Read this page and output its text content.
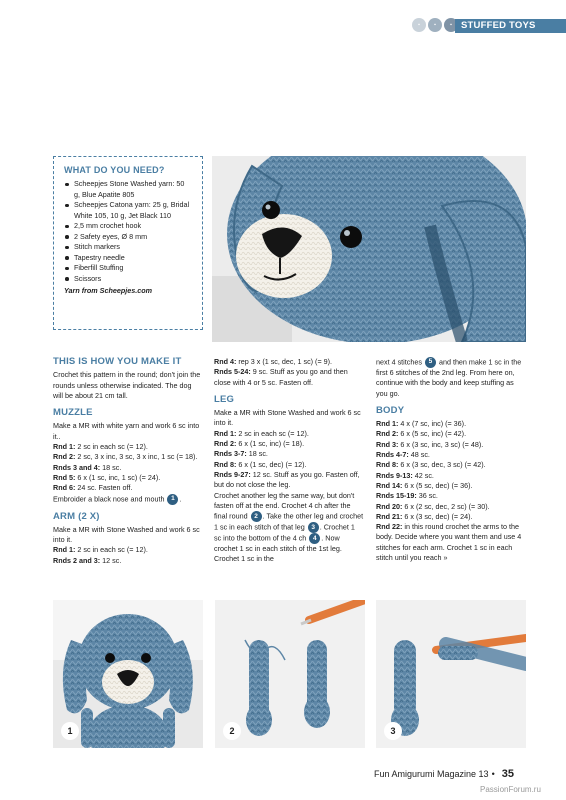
▪	▪	▪ STUFFED TOYS
WHAT DO YOU NEED?
Scheepjes Stone Washed yarn: 50 g, Blue Apatite 805
Scheepjes Catona yarn: 25 g, Bridal White 105, 10 g, Jet Black 110
2,5 mm crochet hook
2 Safety eyes, Ø 8 mm
Stitch markers
Tapestry needle
Fiberfill Stuffing
Scissors
Yarn from Scheepjes.com
THIS IS HOW YOU MAKE IT

Crochet this pattern in the round; don't join the rounds unless otherwise indicated. The dog will be about 21 cm tall.

MUZZLE

Make a MR with white yarn and work 6 sc into it..

Rnd 1: 2 sc in each sc (= 12).

Rnd 2: 2 sc, 3 x inc, 3 sc, 3 x inc, 1 sc (= 18).

Rnds 3 and 4: 18 sc.

Rnd 5: 6 x (1 sc, inc, 1 sc) (= 24).

Rnd 6: 24 sc. Fasten off.

Embroider a black nose and mouth 1 .

ARM (2 X)

Make a MR with Stone Washed and work 6 sc into it.

Rnd 1: 2 sc in each sc (= 12).

Rnds 2 and 3: 12 sc.

Rnd 4: rep 3 x (1 sc, dec, 1 sc) (= 9).

Rnds 5-24: 9 sc. Stuff as you go and then close with 4 or 5 sc. Fasten off.

LEG

Make a MR with Stone Washed and work 6 sc into it.

Rnd 1: 2 sc in each sc (= 12).

Rnd 2: 6 x (1 sc, inc) (= 18).

Rnds 3-7: 18 sc.

Rnd 8: 6 x (1 sc, dec) (= 12).

Rnds 9-27: 12 sc. Stuff as you go. Fasten off, but do not close the leg.

Crochet another leg the same way, but don't fasten off at the end. Crochet 4 ch after the final round 2 . Take the other leg and crochet 1 sc in each stitch of that leg 3 . Crochet 1 sc into the bottom of the 4 ch 4 . Now crochet 1 sc in each stitch of the 1st leg. Crochet 1 sc in the

next 4 stitches 5 and then make 1 sc in the first 6 stitches of the 2nd leg. From here on, continue with the body and keep stuffing as you go.

BODY

Rnd 1: 4 x (7 sc, inc) (= 36).

Rnd 2: 6 x (5 sc, inc) (= 42).

Rnd 3: 6 x (3 sc, inc, 3 sc) (= 48).

Rnds 4-7: 48 sc.

Rnd 8: 6 x (3 sc, dec, 3 sc) (= 42).

Rnds 9-13: 42 sc.

Rnd 14: 6 x (5 sc, dec) (= 36).

Rnds 15-19: 36 sc.

Rnd 20: 6 x (2 sc, dec, 2 sc) (= 30).

Rnd 21: 6 x (3 sc, dec) (= 24).

Rnd 22: in this round crochet the arms to the body. Decide where you want them and use 4 stitches for each arm. Crochet 1 sc in each stitch until you reach »

1	2	3
Fun Amigurumi Magazine 13 • 35
PassionForum.ru
